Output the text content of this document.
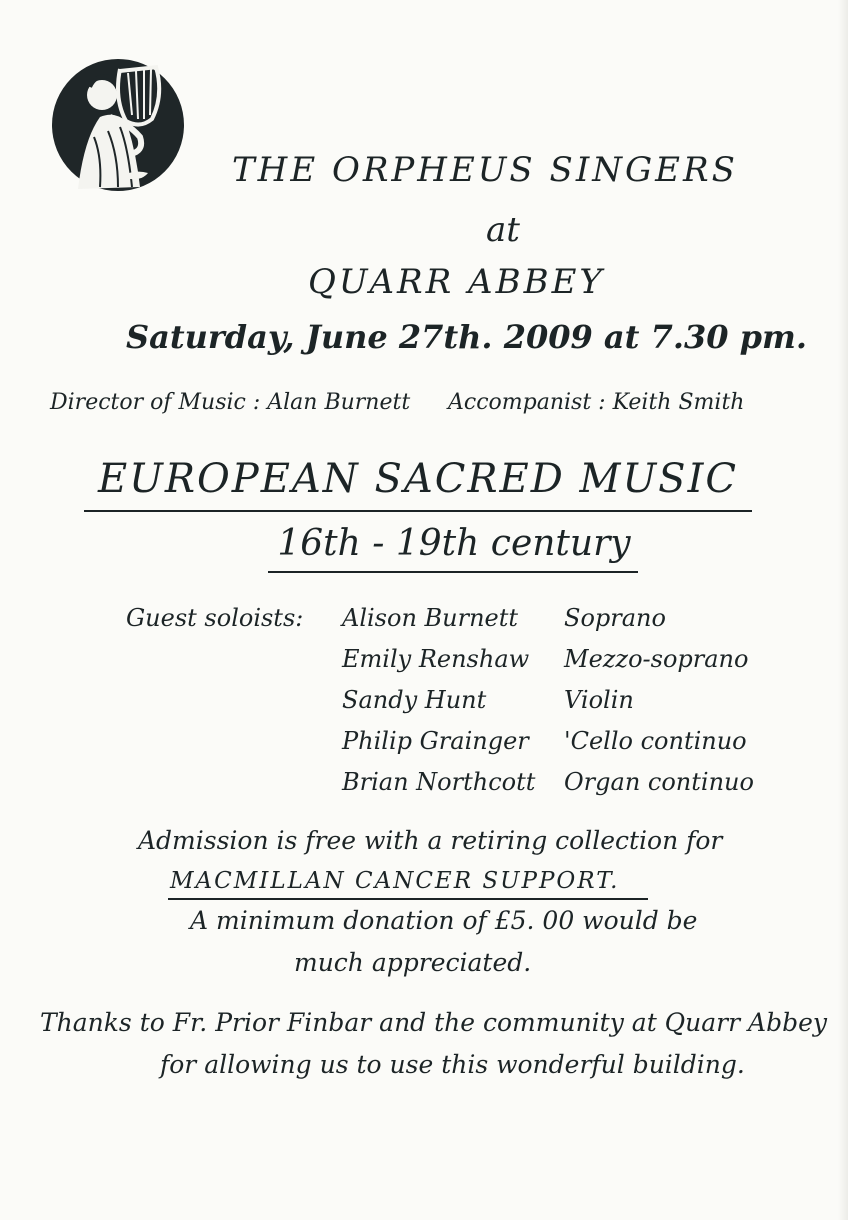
THE ORPHEUS SINGERS
at
QUARR ABBEY
Saturday, June 27th. 2009 at 7.30 pm.
Director of Music : Alan Burnett Accompanist : Keith Smith
EUROPEAN SACRED MUSIC
16th - 19th century
Guest soloists: Alison Burnett Soprano
Emily Renshaw Mezzo-soprano
Sandy Hunt	Violin
Philip Grainger 'Cello continuo
Brian Northcott Organ continuo
Admission is free with a retiring collection for
MACMILLAN CANCER SUPPORT.
A minimum donation of £5. 00 would be
much appreciated.
Thanks to Fr. Prior Finbar and the community at Quarr Abbey
for allowing us to use this wonderful building.
